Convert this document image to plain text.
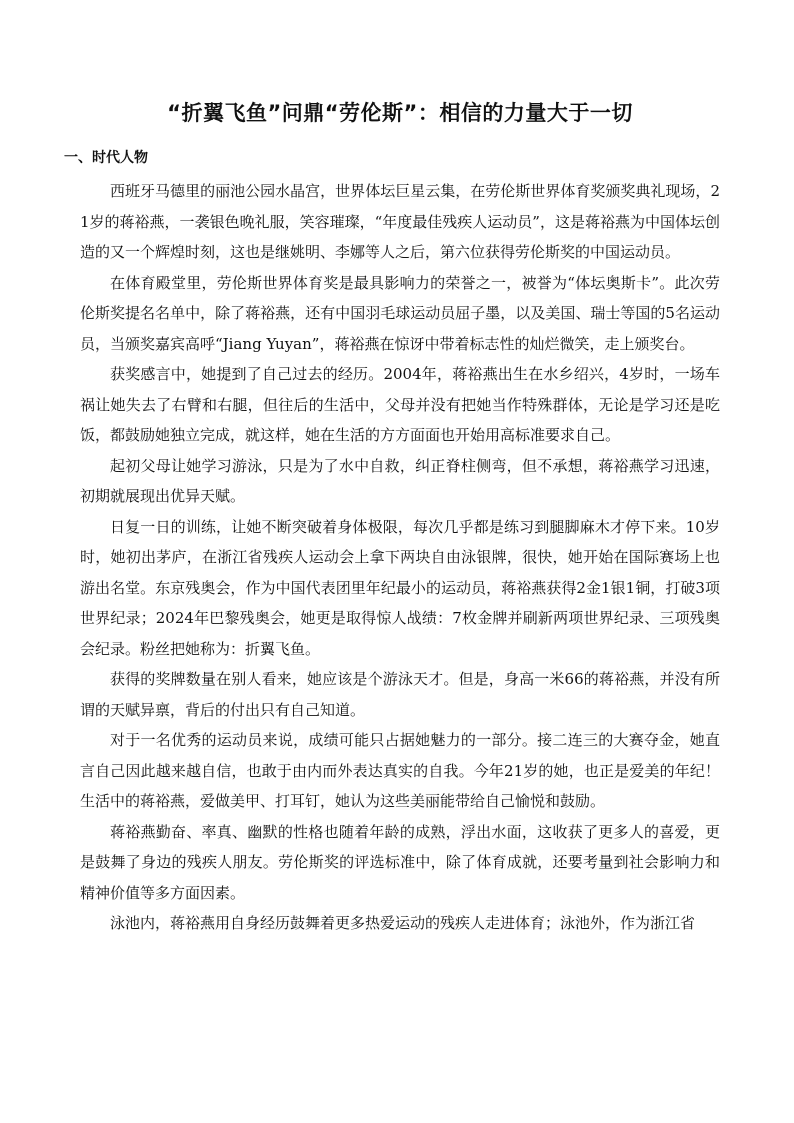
“折翼飞鱼”问鼎“劳伦斯”：相信的力量大于一切
一、时代人物

西班牙马德里的丽池公园水晶宫，世界体坛巨星云集，在劳伦斯世界体育奖颁奖典礼现场，21岁的蒋裕燕，一袭银色晚礼服，笑容璀璨，“年度最佳残疾人运动员”，这是蒋裕燕为中国体坛创造的又一个辉煌时刻，这也是继姚明、李娜等人之后，第六位获得劳伦斯奖的中国运动员。

在体育殿堂里，劳伦斯世界体育奖是最具影响力的荣誉之一，被誉为“体坛奥斯卡”。此次劳伦斯奖提名名单中，除了蒋裕燕，还有中国羽毛球运动员屈子墨，以及美国、瑞士等国的5名运动员，当颁奖嘉宾高呼“Jiang Yuyan”，蒋裕燕在惊讶中带着标志性的灿烂微笑，走上颁奖台。

获奖感言中，她提到了自己过去的经历。2004年，蒋裕燕出生在水乡绍兴，4岁时，一场车祸让她失去了右臂和右腿，但往后的生活中，父母并没有把她当作特殊群体，无论是学习还是吃饭，都鼓励她独立完成，就这样，她在生活的方方面面也开始用高标准要求自己。

起初父母让她学习游泳，只是为了水中自救，纠正脊柱侧弯，但不承想，蒋裕燕学习迅速，初期就展现出优异天赋。

日复一日的训练，让她不断突破着身体极限，每次几乎都是练习到腿脚麻木才停下来。10岁时，她初出茅庐，在浙江省残疾人运动会上拿下两块自由泳银牌，很快，她开始在国际赛场上也游出名堂。东京残奥会，作为中国代表团里年纪最小的运动员，蒋裕燕获得2金1银1铜，打破3项世界纪录；2024年巴黎残奥会，她更是取得惊人战绩：7枚金牌并刷新两项世界纪录、三项残奥会纪录。粉丝把她称为：折翼飞鱼。

获得的奖牌数量在别人看来，她应该是个游泳天才。但是，身高一米66的蒋裕燕，并没有所谓的天赋异禀，背后的付出只有自己知道。

对于一名优秀的运动员来说，成绩可能只占据她魅力的一部分。接二连三的大赛夺金，她直言自己因此越来越自信，也敢于由内而外表达真实的自我。今年21岁的她，也正是爱美的年纪！生活中的蒋裕燕，爱做美甲、打耳钉，她认为这些美丽能带给自己愉悦和鼓励。

蒋裕燕勤奋、率真、幽默的性格也随着年龄的成熟，浮出水面，这收获了更多人的喜爱，更是鼓舞了身边的残疾人朋友。劳伦斯奖的评选标准中，除了体育成就，还要考量到社会影响力和精神价值等多方面因素。

泳池内，蒋裕燕用自身经历鼓舞着更多热爱运动的残疾人走进体育；泳池外，作为浙江省
